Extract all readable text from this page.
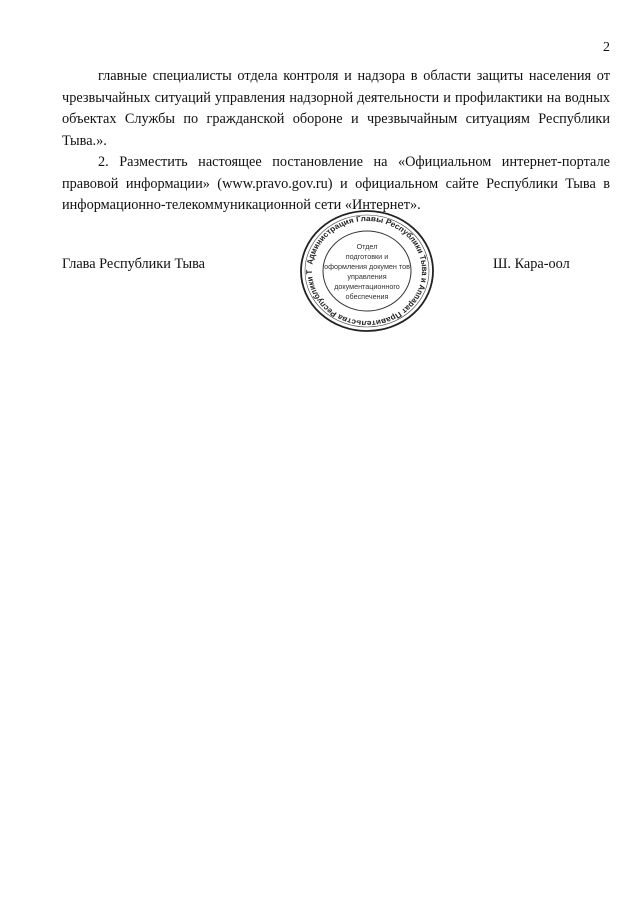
2

главные специалисты отдела контроля и надзора в области защиты населения от чрезвычайных ситуаций управления надзорной деятельности и профилактики на водных объектах Службы по гражданской обороне и чрезвычайным ситуациям Республики Тыва.».

2. Разместить настоящее постановление на «Официальном интернет-портале правовой информации» (www.pravo.gov.ru) и официальном сайте Республики Тыва в информационно-телекоммуникационной сети «Интернет».

Глава Республики Тыва	Администрация Главы Республики Тыва и Аппарат Правительства Республики Т
Отдел
подготовки и
оформления докумен тов
управления
документационного
обеспечения
Ш. Кара-оол
